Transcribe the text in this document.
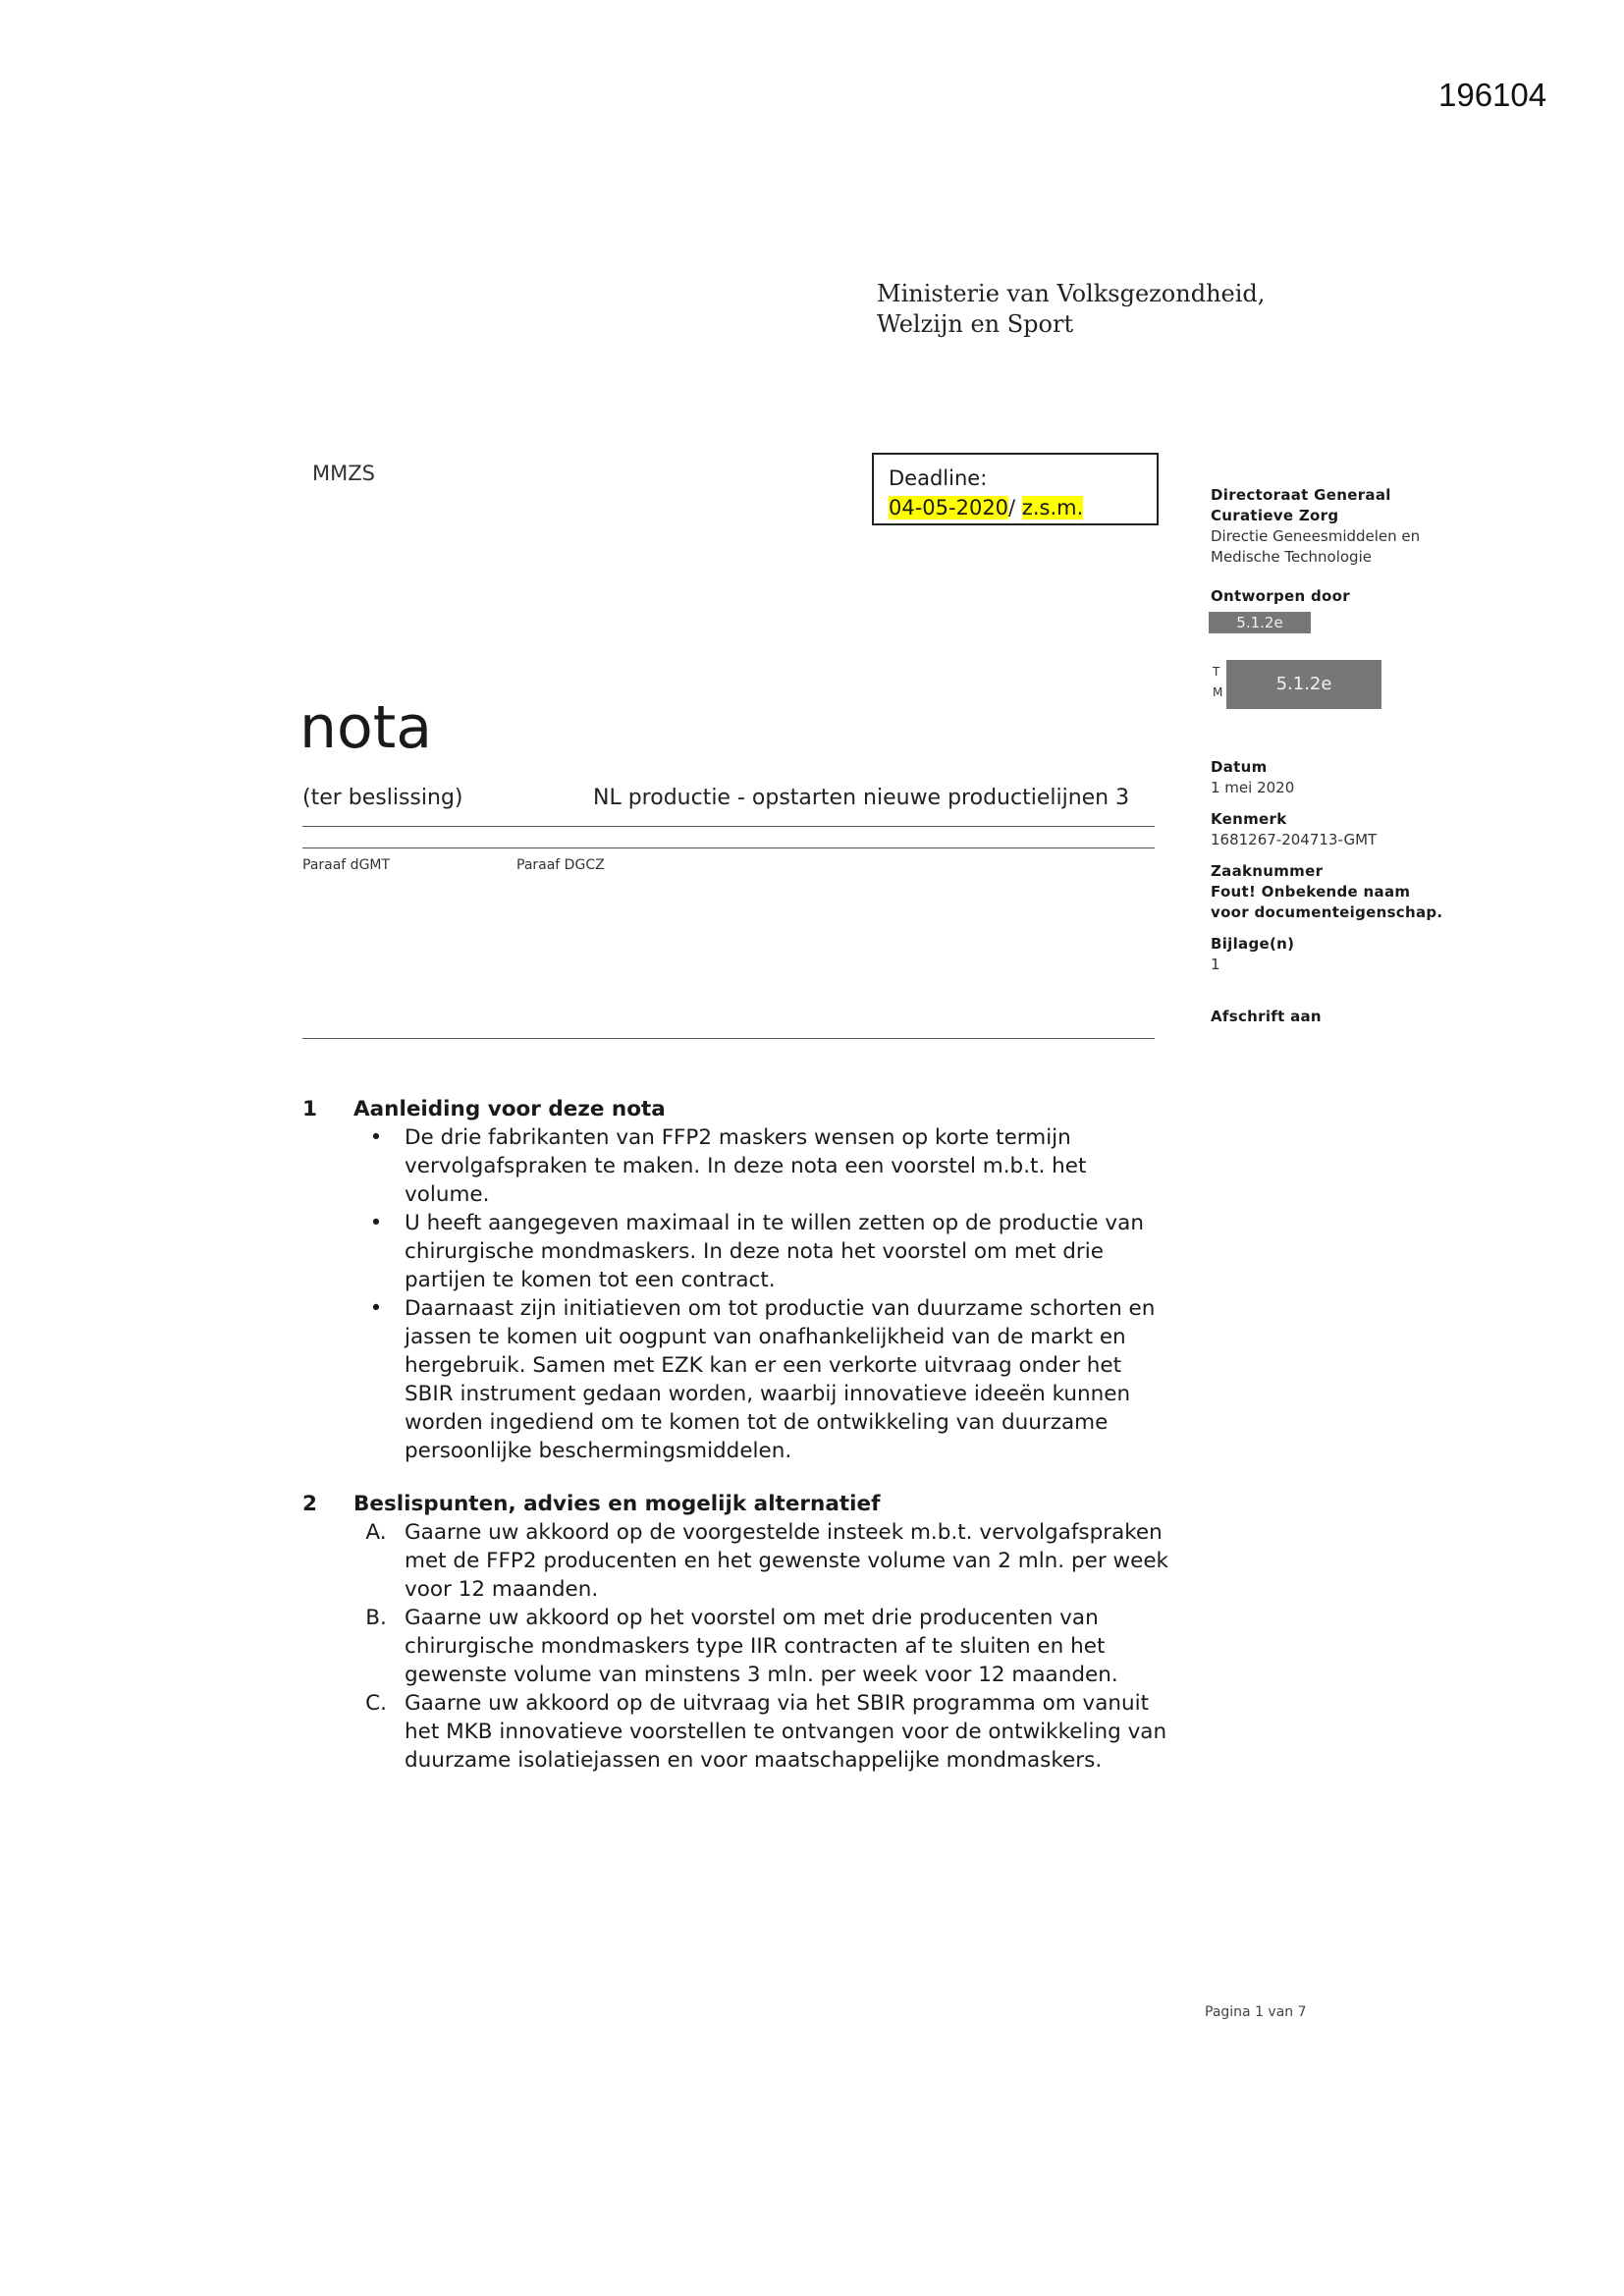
196104
Ministerie van Volksgezondheid,
Welzijn en Sport
MMZS	Deadline:
04-05-2020/ z.s.m.
Directoraat Generaal
Curatieve Zorg
Directie Geneesmiddelen en
Medische Technologie
Ontworpen door
5.1.2e
T
M	5.1.2e
Datum
1 mei 2020
Kenmerk
1681267-204713-GMT
Zaaknummer
Fout! Onbekende naam
voor documenteigenschap.
Bijlage(n)
1
Afschrift aan
nota
(ter beslissing)	NL productie - opstarten nieuwe productielijnen 3
Paraaf dGMT	Paraaf DGCZ
1 Aanleiding voor deze nota
•	De drie fabrikanten van FFP2 maskers wensen op korte termijn
vervolgafspraken te maken. In deze nota een voorstel m.b.t. het
volume.
•	U heeft aangegeven maximaal in te willen zetten op de productie van
chirurgische mondmaskers. In deze nota het voorstel om met drie
partijen te komen tot een contract.
•	Daarnaast zijn initiatieven om tot productie van duurzame schorten en
jassen te komen uit oogpunt van onafhankelijkheid van de markt en
hergebruik. Samen met EZK kan er een verkorte uitvraag onder het
SBIR instrument gedaan worden, waarbij innovatieve ideeën kunnen
worden ingediend om te komen tot de ontwikkeling van duurzame
persoonlijke beschermingsmiddelen.
2 Beslispunten, advies en mogelijk alternatief
A. Gaarne uw akkoord op de voorgestelde insteek m.b.t. vervolgafspraken
met de FFP2 producenten en het gewenste volume van 2 mln. per week
voor 12 maanden.
B. Gaarne uw akkoord op het voorstel om met drie producenten van
chirurgische mondmaskers type IIR contracten af te sluiten en het
gewenste volume van minstens 3 mln. per week voor 12 maanden.
C. Gaarne uw akkoord op de uitvraag via het SBIR programma om vanuit
het MKB innovatieve voorstellen te ontvangen voor de ontwikkeling van
duurzame isolatiejassen en voor maatschappelijke mondmaskers.
Pagina 1 van 7
